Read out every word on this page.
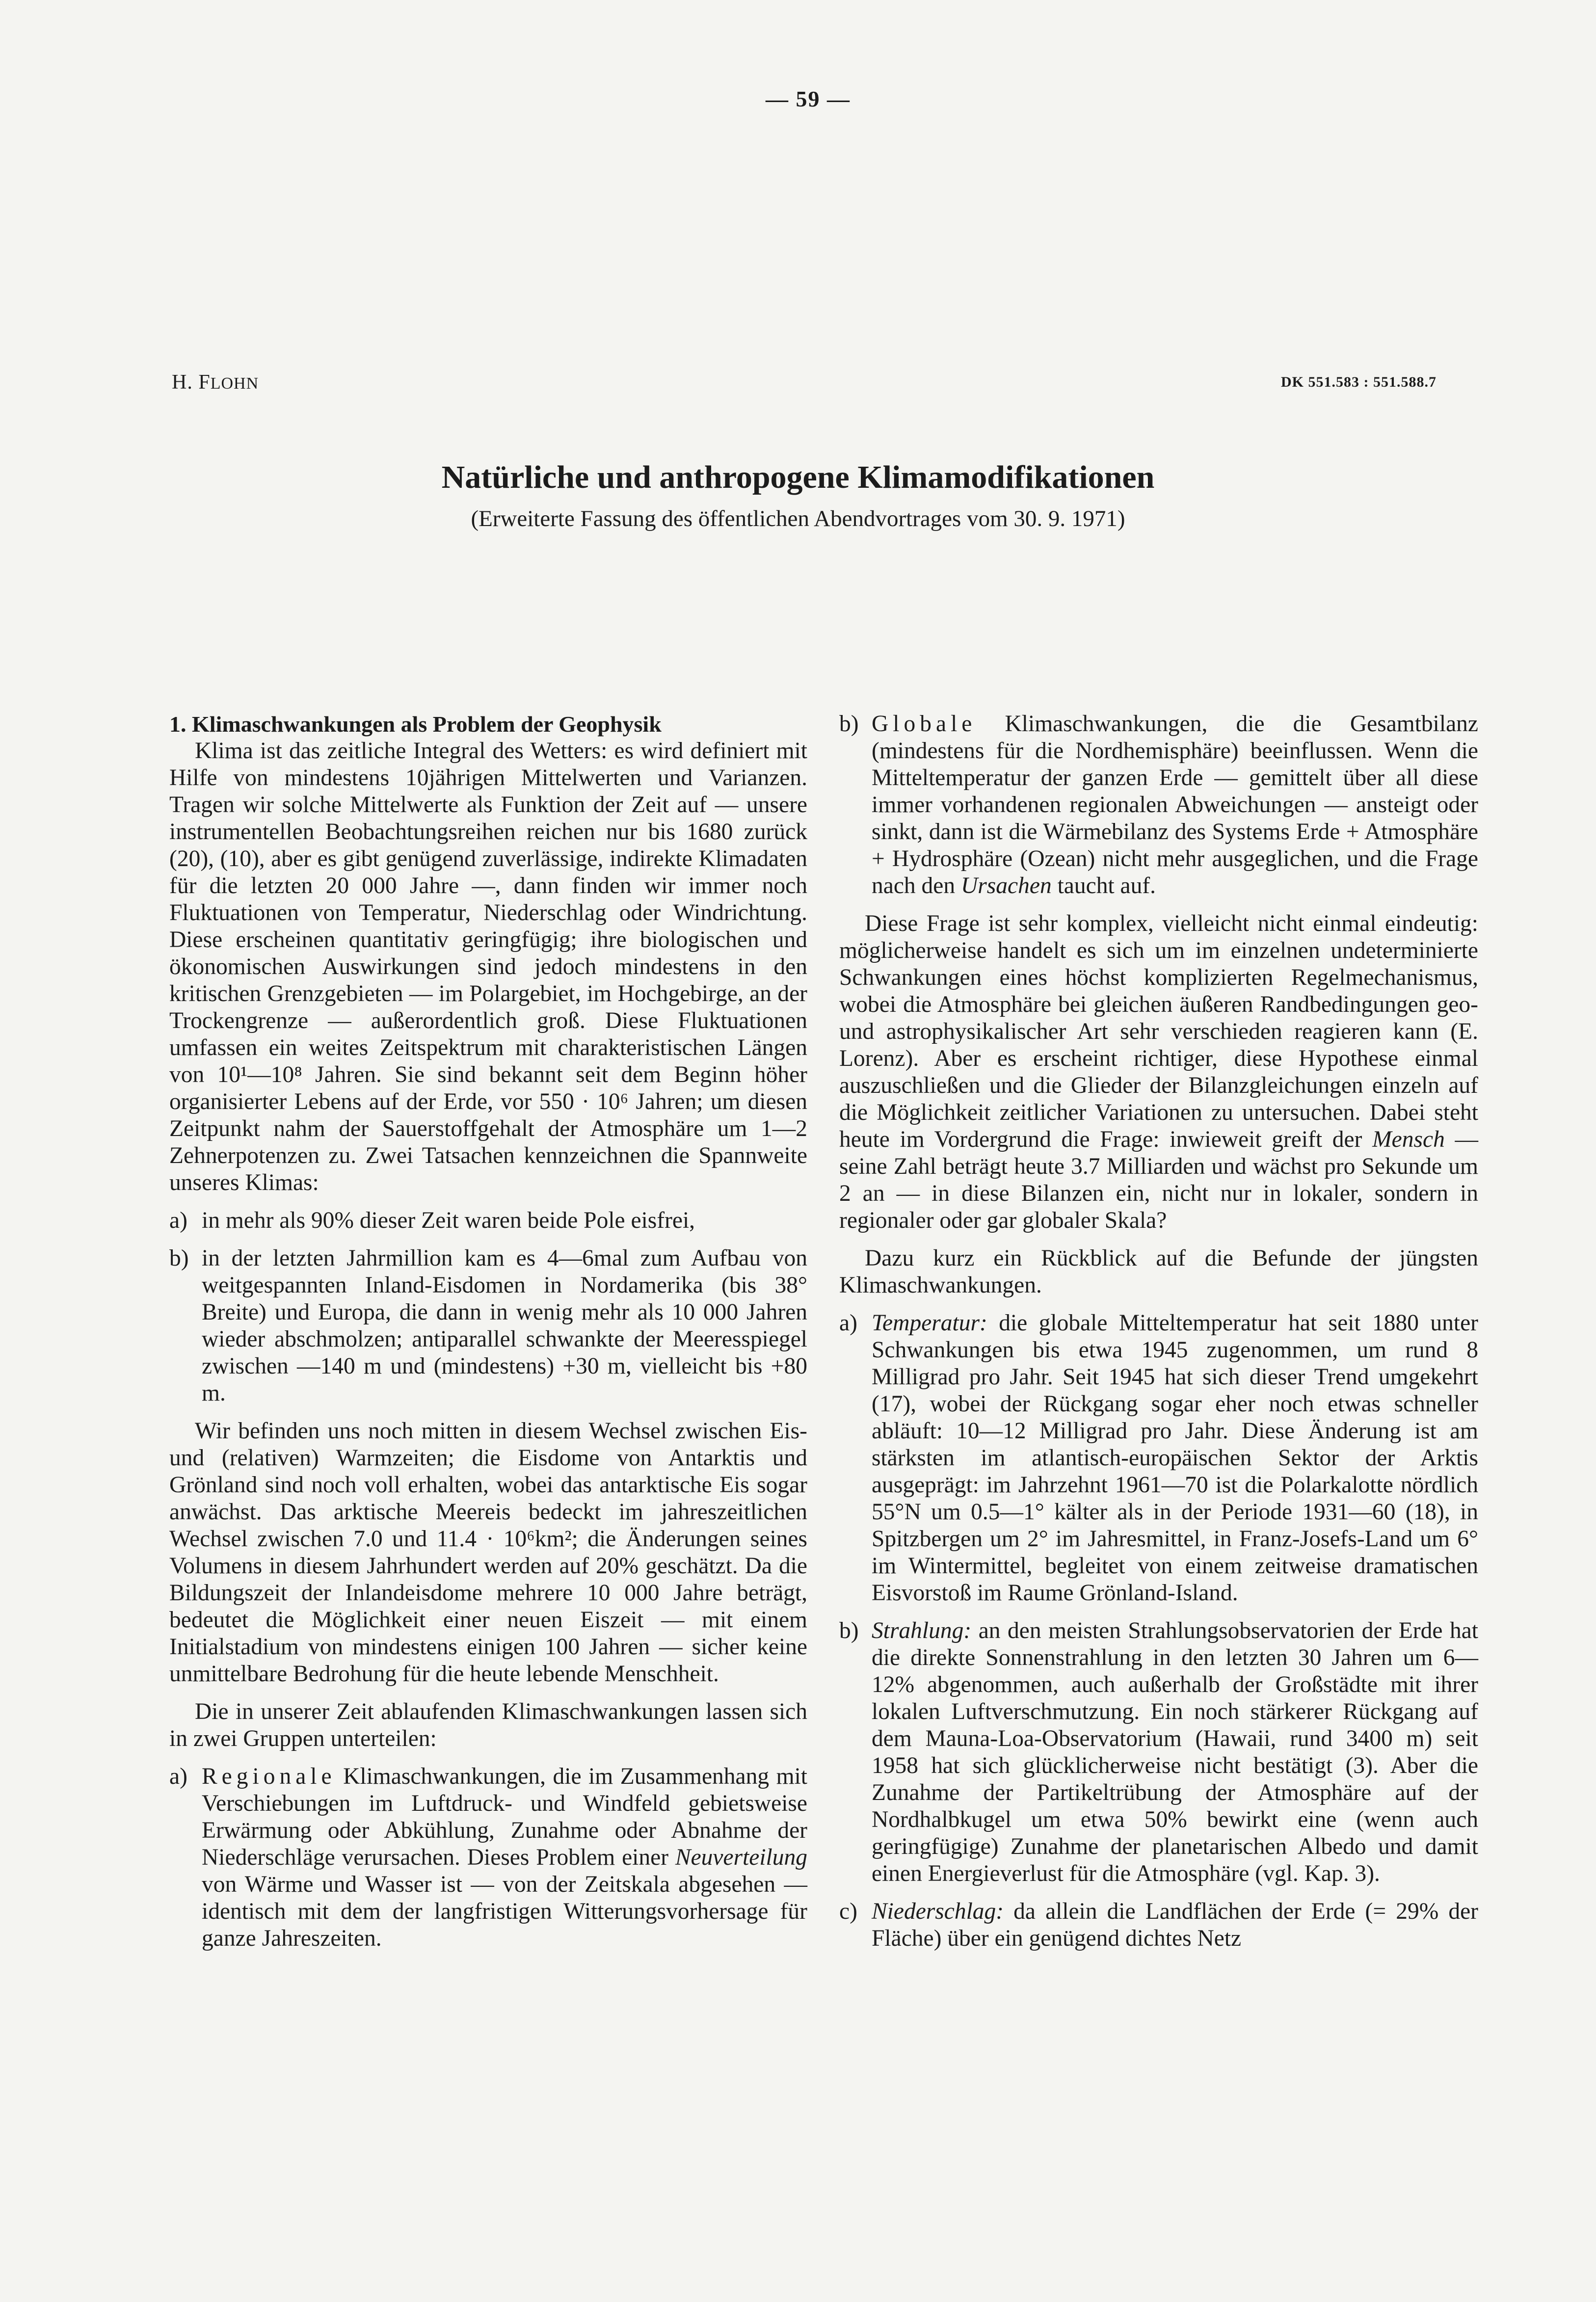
— 59 —
H. FLOHN	DK 551.583 : 551.588.7
Natürliche und anthropogene Klimamodifikationen
(Erweiterte Fassung des öffentlichen Abendvortrages vom 30. 9. 1971)

1. Klimaschwankungen als Problem der Geophysik

Klima ist das zeitliche Integral des Wetters: es wird definiert mit Hilfe von mindestens 10jährigen Mittelwerten und Varianzen. Tragen wir solche Mittelwerte als Funktion der Zeit auf — unsere instrumentellen Beobachtungsreihen reichen nur bis 1680 zurück (20), (10), aber es gibt genügend zuverlässige, indirekte Klimadaten für die letzten 20 000 Jahre —, dann finden wir immer noch Fluktuationen von Temperatur, Niederschlag oder Windrichtung. Diese erscheinen quantitativ geringfügig; ihre biologischen und ökonomischen Auswirkungen sind jedoch mindestens in den kritischen Grenzgebieten — im Polargebiet, im Hochgebirge, an der Trockengrenze — außerordentlich groß. Diese Fluktuationen umfassen ein weites Zeitspektrum mit charakteristischen Längen von 10¹—10⁸ Jahren. Sie sind bekannt seit dem Beginn höher organisierter Lebens auf der Erde, vor 550 · 10⁶ Jahren; um diesen Zeitpunkt nahm der Sauerstoffgehalt der Atmosphäre um 1—2 Zehnerpotenzen zu. Zwei Tatsachen kennzeichnen die Spannweite unseres Klimas:

a) in mehr als 90% dieser Zeit waren beide Pole eisfrei,
b) in der letzten Jahrmillion kam es 4—6mal zum Aufbau von weitgespannten Inland-Eisdomen in Nordamerika (bis 38° Breite) und Europa, die dann in wenig mehr als 10 000 Jahren wieder abschmolzen; antiparallel schwankte der Meeresspiegel zwischen —140 m und (mindestens) +30 m, vielleicht bis +80 m.

Wir befinden uns noch mitten in diesem Wechsel zwischen Eis- und (relativen) Warmzeiten; die Eisdome von Antarktis und Grönland sind noch voll erhalten, wobei das antarktische Eis sogar anwächst. Das arktische Meereis bedeckt im jahreszeitlichen Wechsel zwischen 7.0 und 11.4 · 10⁶km²; die Änderungen seines Volumens in diesem Jahrhundert werden auf 20% geschätzt. Da die Bildungszeit der Inlandeisdome mehrere 10 000 Jahre beträgt, bedeutet die Möglichkeit einer neuen Eiszeit — mit einem Initialstadium von mindestens einigen 100 Jahren — sicher keine unmittelbare Bedrohung für die heute lebende Menschheit.

Die in unserer Zeit ablaufenden Klimaschwankungen lassen sich in zwei Gruppen unterteilen:

a) Regionale Klimaschwankungen, die im Zusammenhang mit Verschiebungen im Luftdruck- und Windfeld gebietsweise Erwärmung oder Abkühlung, Zunahme oder Abnahme der Niederschläge verursachen. Dieses Problem einer Neuverteilung von Wärme und Wasser ist — von der Zeitskala abgesehen — identisch mit dem der langfristigen Witterungsvorhersage für ganze Jahreszeiten.
b) Globale Klimaschwankungen, die die Gesamtbilanz (mindestens für die Nordhemisphäre) beeinflussen. Wenn die Mitteltemperatur der ganzen Erde — gemittelt über all diese immer vorhandenen regionalen Abweichungen — ansteigt oder sinkt, dann ist die Wärmebilanz des Systems Erde + Atmosphäre + Hydrosphäre (Ozean) nicht mehr ausgeglichen, und die Frage nach den Ursachen taucht auf.

Diese Frage ist sehr komplex, vielleicht nicht einmal eindeutig: möglicherweise handelt es sich um im einzelnen undeterminierte Schwankungen eines höchst komplizierten Regelmechanismus, wobei die Atmosphäre bei gleichen äußeren Randbedingungen geo- und astrophysikalischer Art sehr verschieden reagieren kann (E. Lorenz). Aber es erscheint richtiger, diese Hypothese einmal auszuschließen und die Glieder der Bilanzgleichungen einzeln auf die Möglichkeit zeitlicher Variationen zu untersuchen. Dabei steht heute im Vordergrund die Frage: inwieweit greift der Mensch — seine Zahl beträgt heute 3.7 Milliarden und wächst pro Sekunde um 2 an — in diese Bilanzen ein, nicht nur in lokaler, sondern in regionaler oder gar globaler Skala?

Dazu kurz ein Rückblick auf die Befunde der jüngsten Klimaschwankungen.

a) Temperatur: die globale Mitteltemperatur hat seit 1880 unter Schwankungen bis etwa 1945 zugenommen, um rund 8 Milligrad pro Jahr. Seit 1945 hat sich dieser Trend umgekehrt (17), wobei der Rückgang sogar eher noch etwas schneller abläuft: 10—12 Milligrad pro Jahr. Diese Änderung ist am stärksten im atlantisch-europäischen Sektor der Arktis ausgeprägt: im Jahrzehnt 1961—70 ist die Polarkalotte nördlich 55°N um 0.5—1° kälter als in der Periode 1931—60 (18), in Spitzbergen um 2° im Jahresmittel, in Franz-Josefs-Land um 6° im Wintermittel, begleitet von einem zeitweise dramatischen Eisvorstoß im Raume Grönland-Island.
b) Strahlung: an den meisten Strahlungsobservatorien der Erde hat die direkte Sonnenstrahlung in den letzten 30 Jahren um 6—12% abgenommen, auch außerhalb der Großstädte mit ihrer lokalen Luftverschmutzung. Ein noch stärkerer Rückgang auf dem Mauna-Loa-Observatorium (Hawaii, rund 3400 m) seit 1958 hat sich glücklicherweise nicht bestätigt (3). Aber die Zunahme der Partikeltrübung der Atmosphäre auf der Nordhalbkugel um etwa 50% bewirkt eine (wenn auch geringfügige) Zunahme der planetarischen Albedo und damit einen Energieverlust für die Atmosphäre (vgl. Kap. 3).
c) Niederschlag: da allein die Landflächen der Erde (= 29% der Fläche) über ein genügend dichtes Netz
